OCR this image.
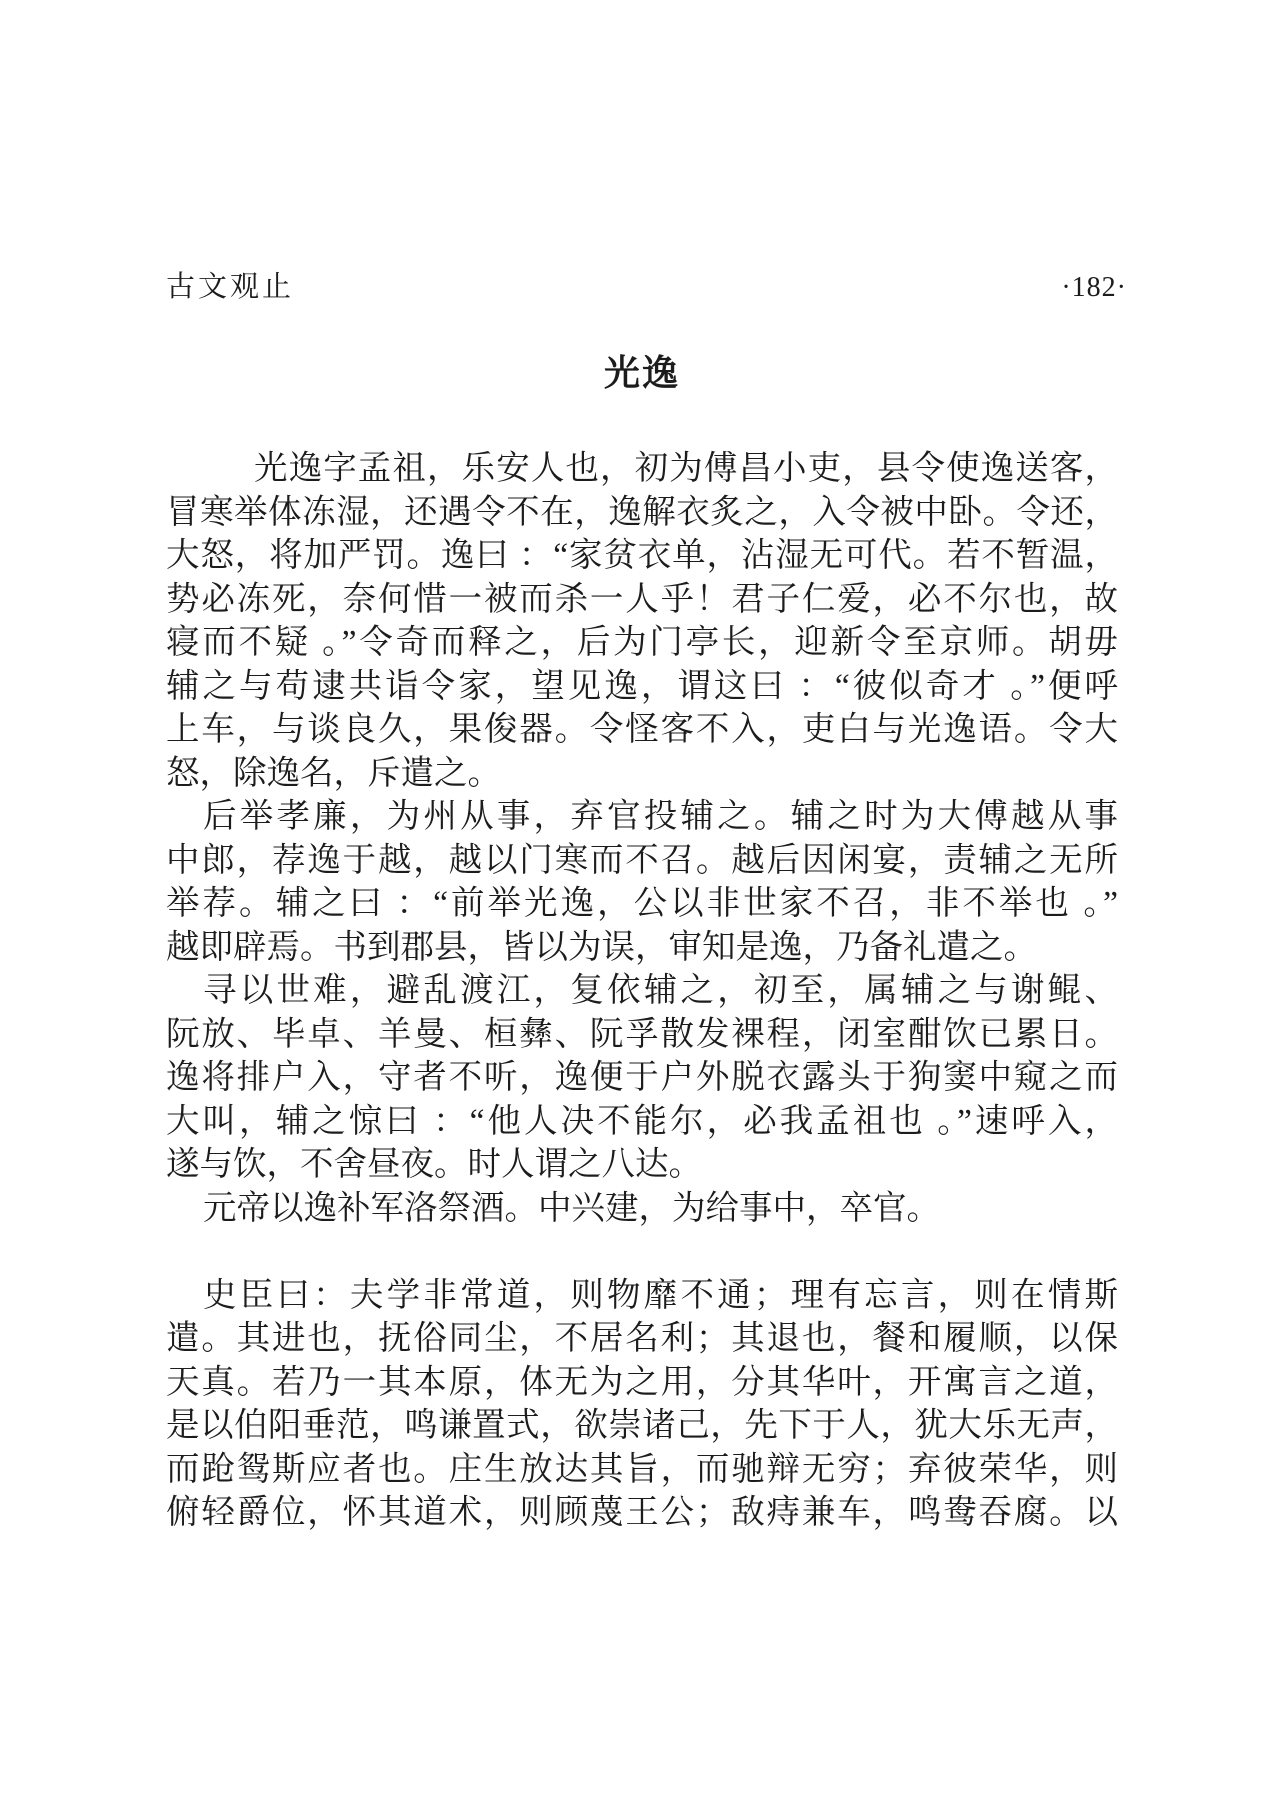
古文观止	·182·
光逸
光逸字孟祖，乐安人也，初为傅昌小吏，县令使逸送客，
冒寒举体冻湿，还遇令不在，逸解衣炙之，入令被中卧。令还，
大怒，将加严罚。逸曰 ：“家贫衣单，沾湿无可代。若不暂温，
势必冻死，奈何惜一被而杀一人乎！君子仁爱，必不尔也，故
寝而不疑 。”令奇而释之，后为门亭长，迎新令至京师。胡毋
辅之与苟逮共诣令家，望见逸，谓这曰 ：“彼似奇才 。”便呼
上车，与谈良久，果俊器。令怪客不入，吏白与光逸语。令大
怒，除逸名，斥遣之。
后举孝廉，为州从事，弃官投辅之。辅之时为大傅越从事
中郎，荐逸于越，越以门寒而不召。越后因闲宴，责辅之无所
举荐。辅之曰 ：“前举光逸，公以非世家不召，非不举也 。”
越即辟焉。书到郡县，皆以为误，审知是逸，乃备礼遣之。
寻以世难，避乱渡江，复依辅之，初至，属辅之与谢鲲、
阮放、毕卓、羊曼、桓彝、阮孚散发裸程，闭室酣饮已累日。
逸将排户入，守者不听，逸便于户外脱衣露头于狗窦中窥之而
大叫，辅之惊曰 ：“他人决不能尔，必我孟祖也 。”速呼入，
遂与饮，不舍昼夜。时人谓之八达。
元帝以逸补军洛祭酒。中兴建，为给事中，卒官。
史臣曰：夫学非常道，则物靡不通；理有忘言，则在情斯
遣。其进也，抚俗同尘，不居名利；其退也，餐和履顺，以保
天真。若乃一其本原，体无为之用，分其华叶，开寓言之道，
是以伯阳垂范，鸣谦置式，欲崇诸己，先下于人，犹大乐无声，
而跄鸳斯应者也。庄生放达其旨，而驰辩无穷；弃彼荣华，则
俯轻爵位，怀其道术，则顾蔑王公；敌痔兼车，鸣鸯吞腐。以
